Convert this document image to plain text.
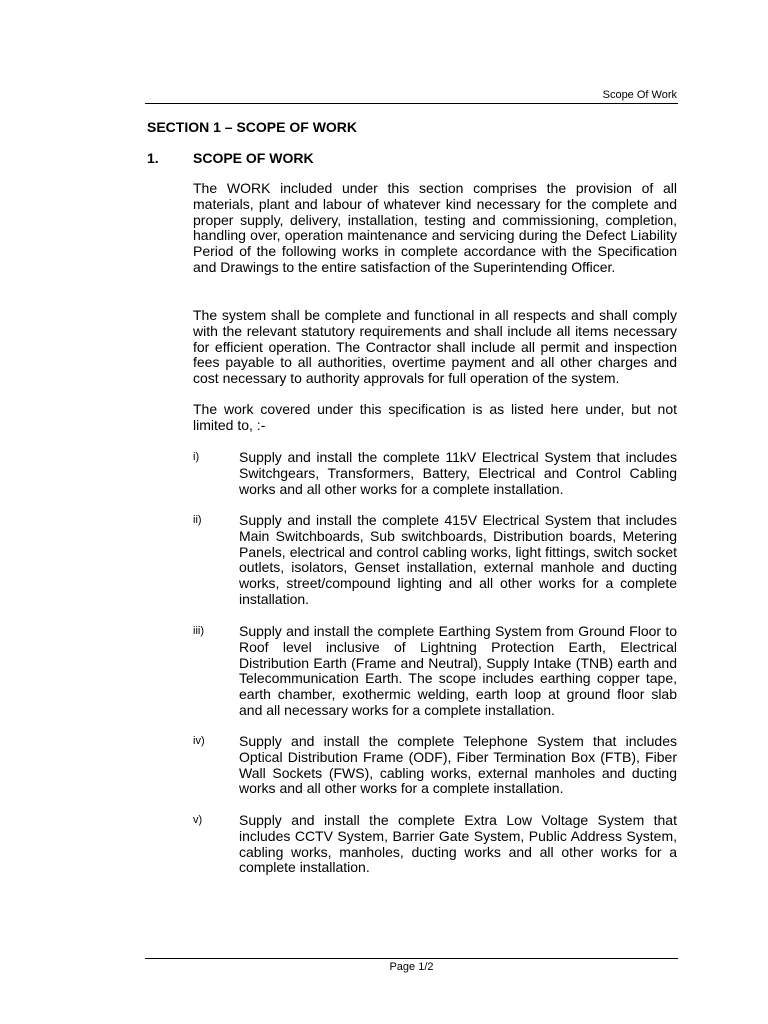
Scope Of Work
SECTION 1 – SCOPE OF WORK
1. SCOPE OF WORK

The WORK included under this section comprises the provision of all materials, plant and labour of whatever kind necessary for the complete and proper supply, delivery, installation, testing and commissioning, completion, handling over, operation maintenance and servicing during the Defect Liability Period of the following works in complete accordance with the Specification and Drawings to the entire satisfaction of the Superintending Officer.

The system shall be complete and functional in all respects and shall comply with the relevant statutory requirements and shall include all items necessary for efficient operation. The Contractor shall include all permit and inspection fees payable to all authorities, overtime payment and all other charges and cost necessary to authority approvals for full operation of the system.

The work covered under this specification is as listed here under, but not limited to, :-

i)	Supply and install the complete 11kV Electrical System that includes Switchgears, Transformers, Battery, Electrical and Control Cabling works and all other works for a complete installation.

ii)	Supply and install the complete 415V Electrical System that includes Main Switchboards, Sub switchboards, Distribution boards, Metering Panels, electrical and control cabling works, light fittings, switch socket outlets, isolators, Genset installation, external manhole and ducting works, street/compound lighting and all other works for a complete installation.

iii)	Supply and install the complete Earthing System from Ground Floor to Roof level inclusive of Lightning Protection Earth, Electrical Distribution Earth (Frame and Neutral), Supply Intake (TNB) earth and Telecommunication Earth. The scope includes earthing copper tape, earth chamber, exothermic welding, earth loop at ground floor slab and all necessary works for a complete installation.

iv) Supply and install the complete Telephone System that includes Optical Distribution Frame (ODF), Fiber Termination Box (FTB), Fiber Wall Sockets (FWS), cabling works, external manholes and ducting works and all other works for a complete installation.

v)	Supply and install the complete Extra Low Voltage System that includes CCTV System, Barrier Gate System, Public Address System, cabling works, manholes, ducting works and all other works for a complete installation.

Page 1/2
